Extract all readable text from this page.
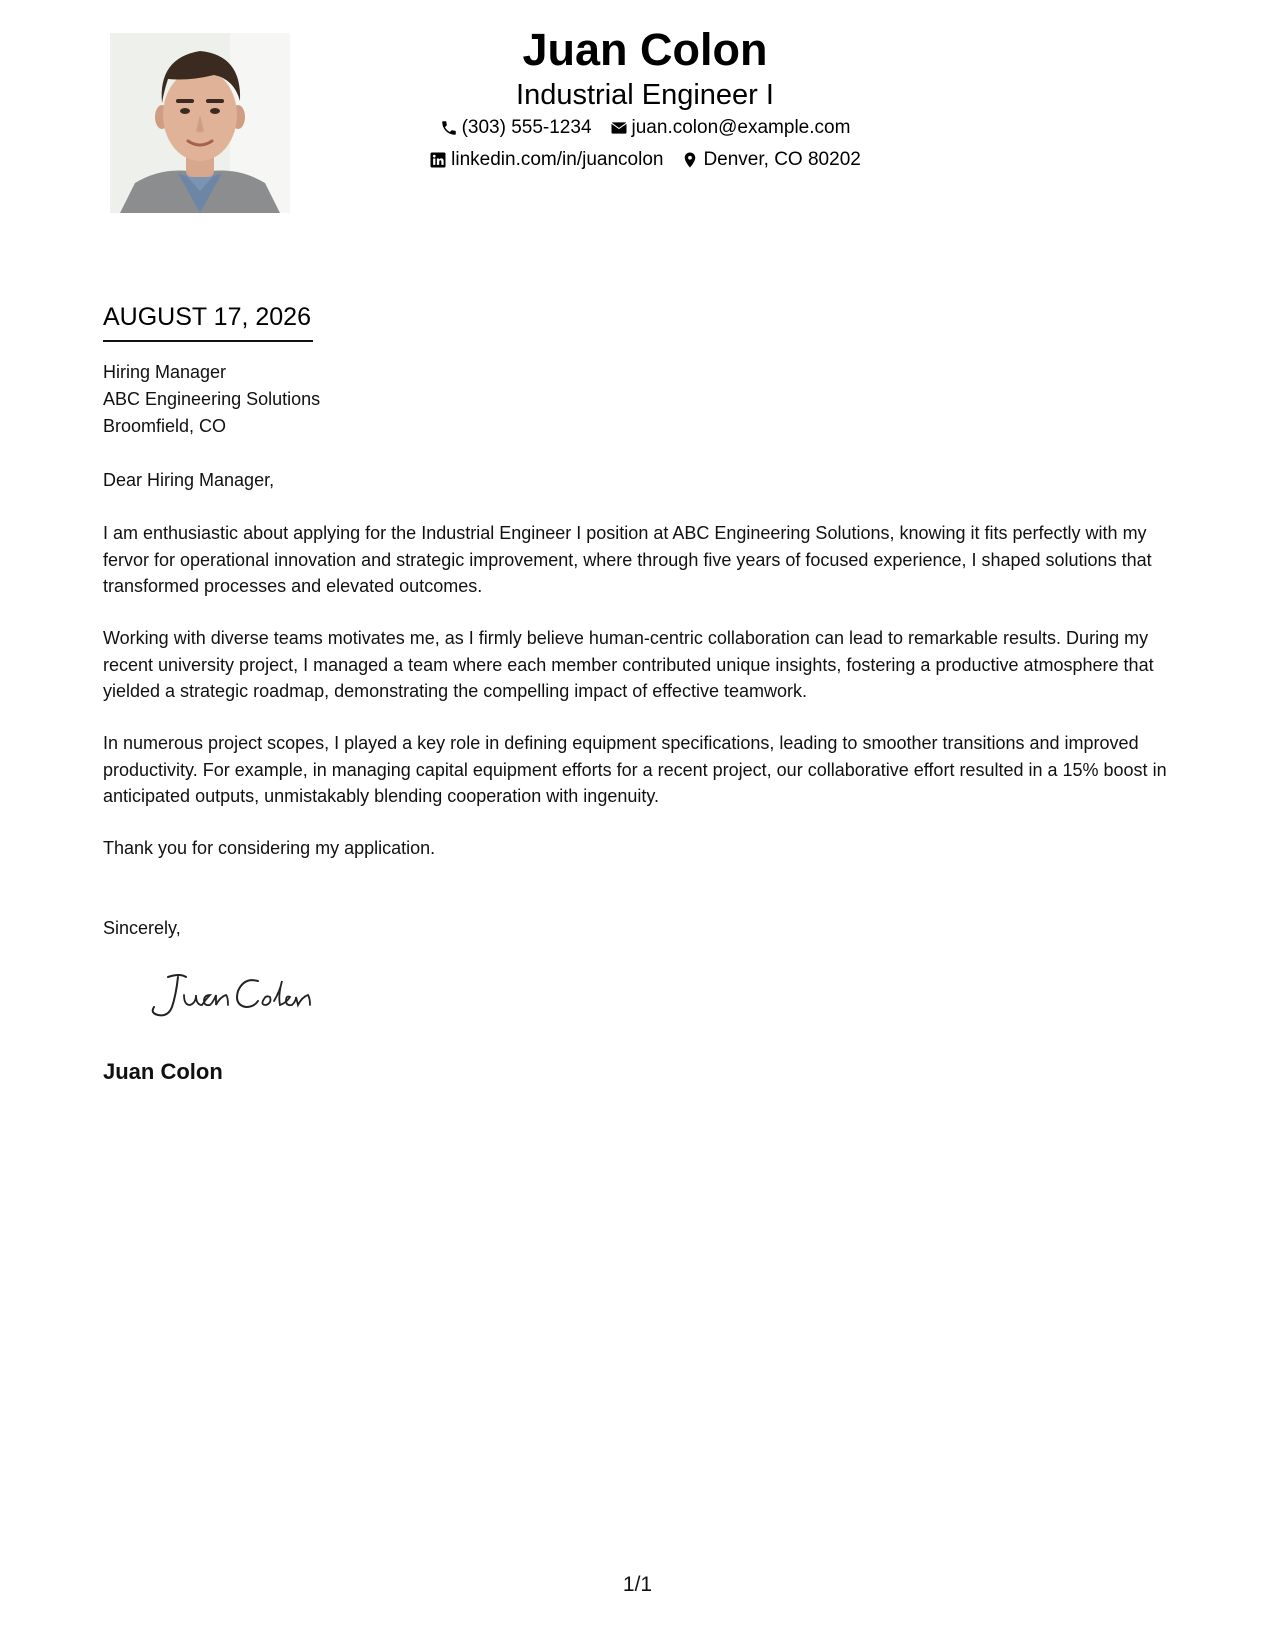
Juan Colon
Industrial Engineer I
(303) 555-1234 juan.colon@example.com
linkedin.com/in/juancolon Denver, CO 80202
AUGUST 17, 2026
Hiring Manager
ABC Engineering Solutions
Broomfield, CO
Dear Hiring Manager,
I am enthusiastic about applying for the Industrial Engineer I position at ABC Engineering Solutions, knowing it fits perfectly with my fervor for operational innovation and strategic improvement, where through five years of focused experience, I shaped solutions that transformed processes and elevated outcomes.
Working with diverse teams motivates me, as I firmly believe human-centric collaboration can lead to remarkable results. During my recent university project, I managed a team where each member contributed unique insights, fostering a productive atmosphere that yielded a strategic roadmap, demonstrating the compelling impact of effective teamwork.
In numerous project scopes, I played a key role in defining equipment specifications, leading to smoother transitions and improved productivity. For example, in managing capital equipment efforts for a recent project, our collaborative effort resulted in a 15% boost in anticipated outputs, unmistakably blending cooperation with ingenuity.
Thank you for considering my application.
Sincerely,
Juan Colon
1/1
